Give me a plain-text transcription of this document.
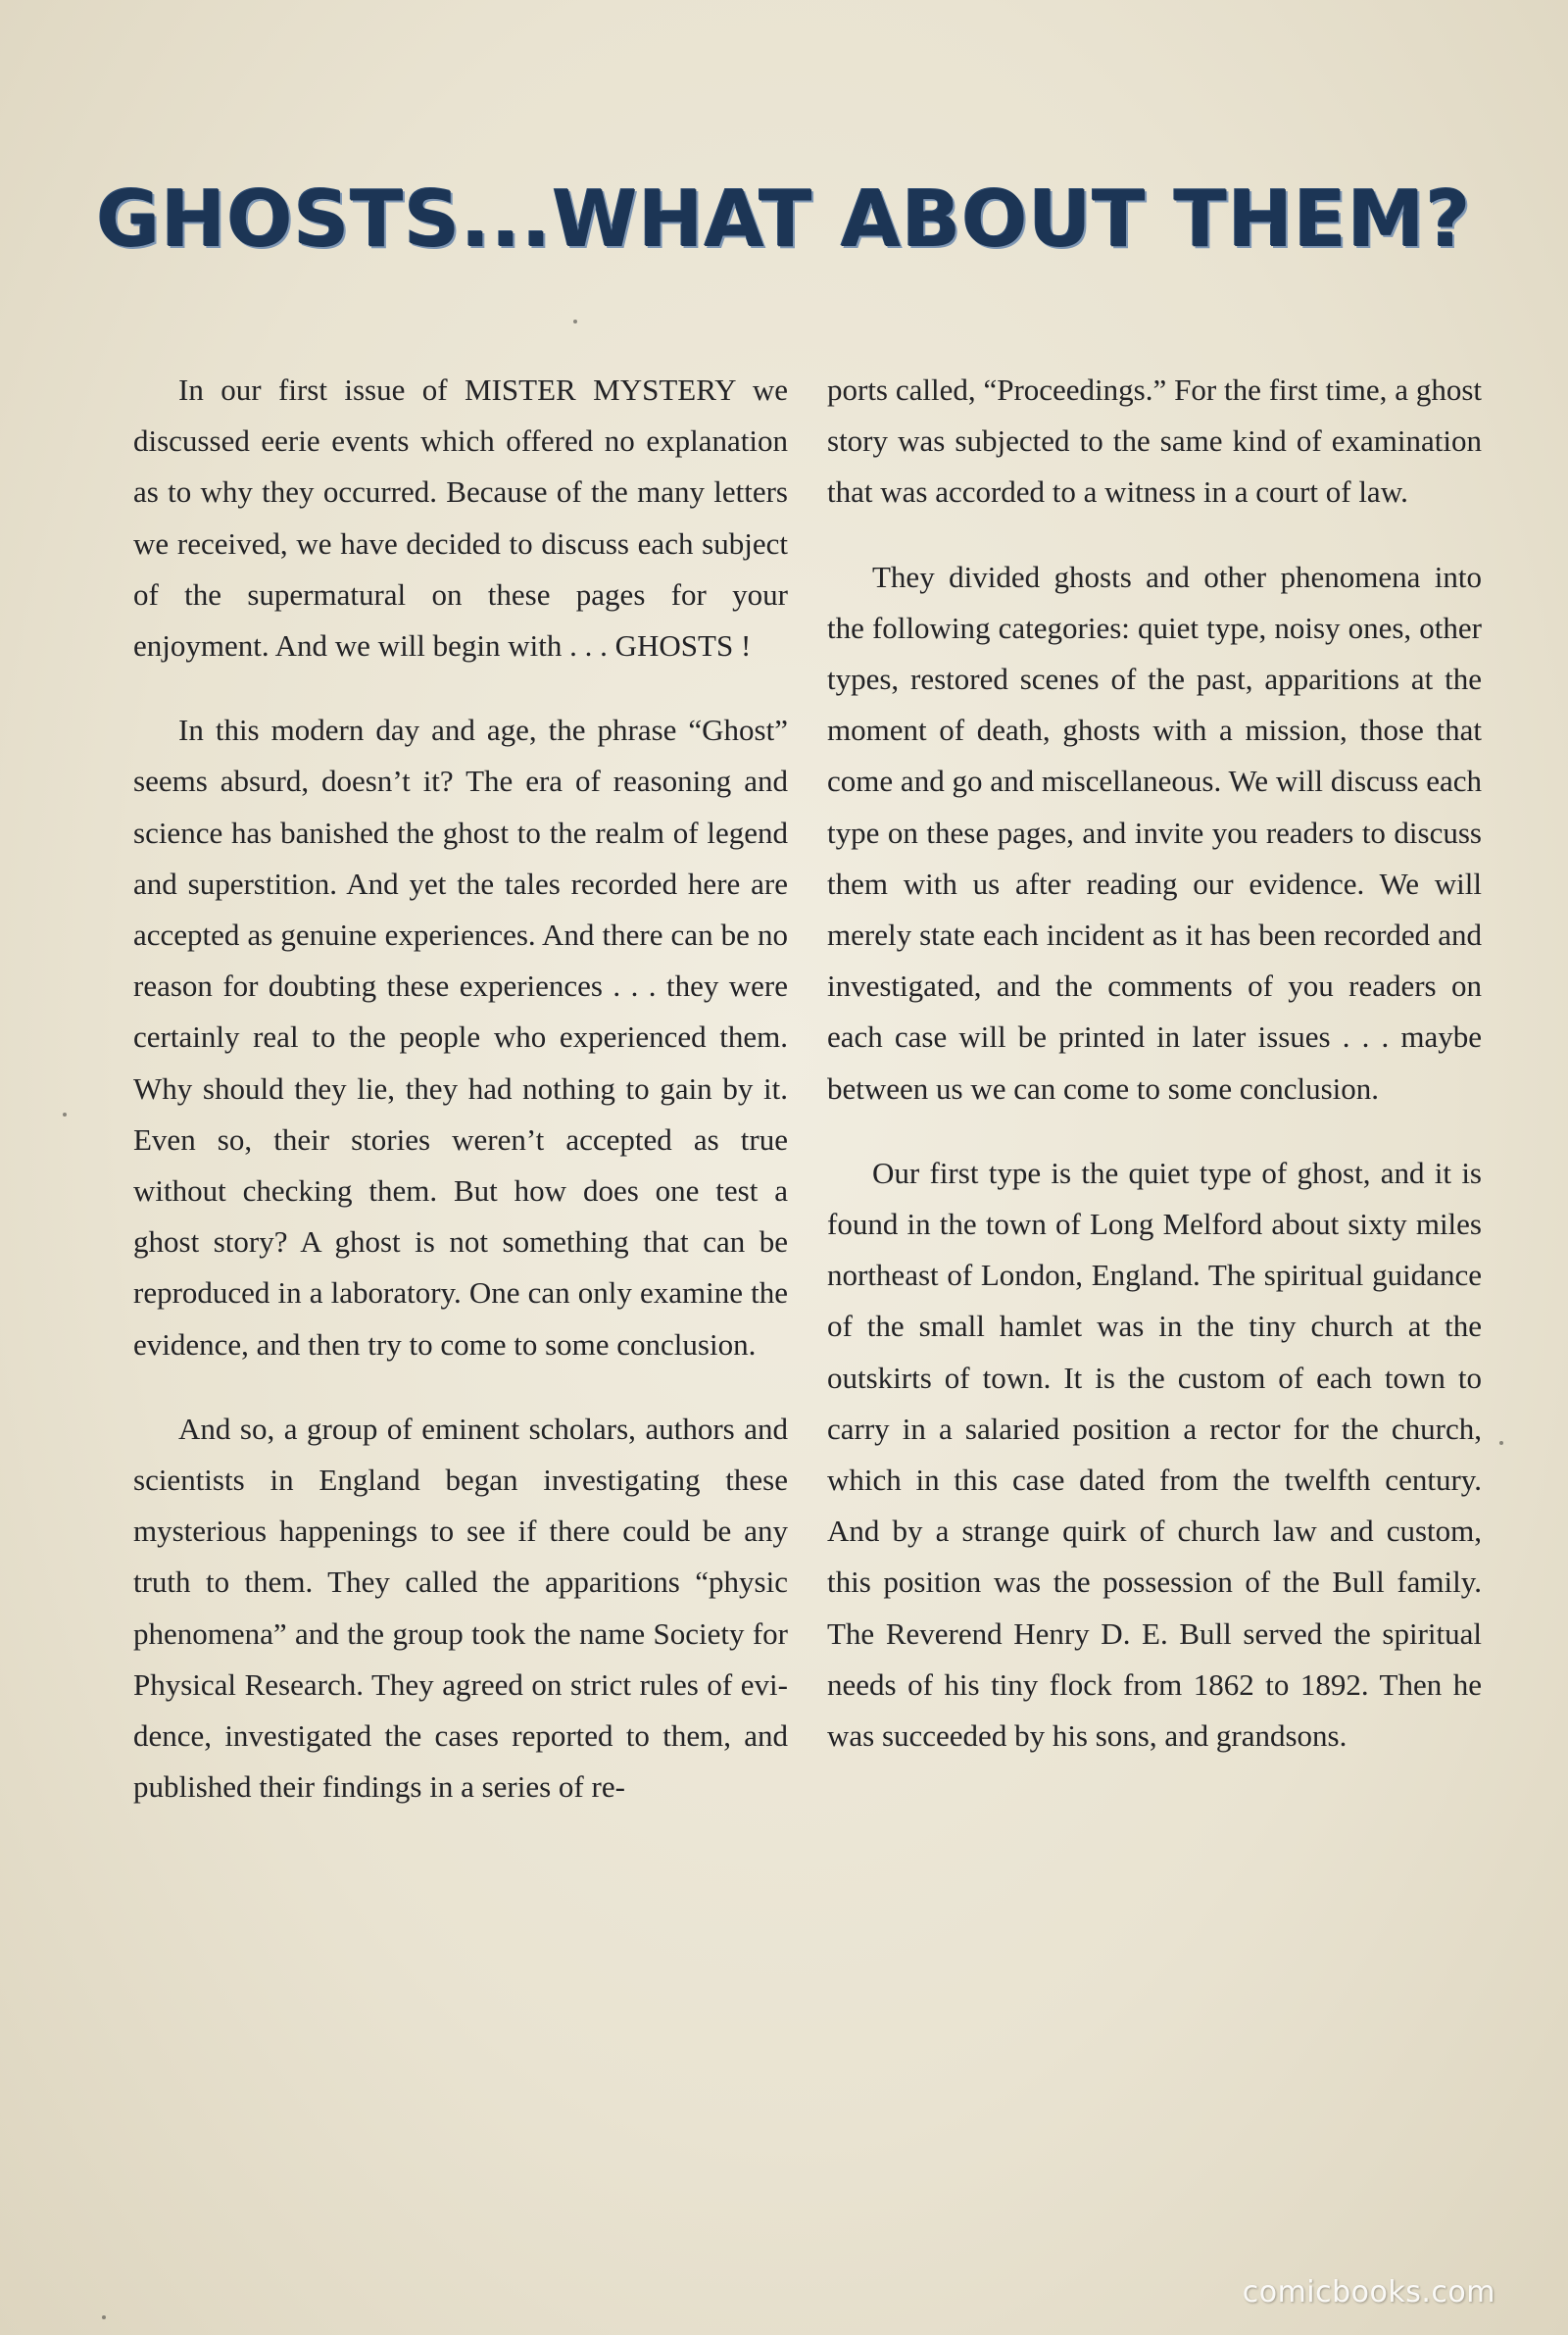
GHOSTS...WHAT ABOUT THEM?

In our first issue of MISTER MYSTERY we discussed eerie events which offered no explanation as to why they occurred. Because of the many letters we received, we have decided to discuss each subject of the supermatural on these pages for your enjoyment. And we will begin with . . . GHOSTS !

In this modern day and age, the phrase “Ghost” seems absurd, doesn’t it? The era of reasoning and science has banished the ghost to the realm of legend and superstition. And yet the tales recorded here are accepted as genuine experiences. And there can be no reason for doubting these experiences . . . they were certainly real to the people who experienced them. Why should they lie, they had nothing to gain by it. Even so, their stories weren’t accepted as true without checking them. But how does one test a ghost story? A ghost is not something that can be reproduced in a laboratory. One can only examine the evidence, and then try to come to some conclusion.

And so, a group of eminent scholars, authors and scientists in England began investigating these mysterious happenings to see if there could be any truth to them. They called the apparitions “physic phenomena” and the group took the name Society for Physical Research. They agreed on strict rules of evidence, investigated the cases reported to them, and published their findings in a series of re-

ports called, “Proceedings.” For the first time, a ghost story was subjected to the same kind of examination that was accorded to a witness in a court of law.

They divided ghosts and other phenomena into the following categories: quiet type, noisy ones, other types, restored scenes of the past, apparitions at the moment of death, ghosts with a mission, those that come and go and miscellaneous. We will discuss each type on these pages, and invite you readers to discuss them with us after reading our evidence. We will merely state each incident as it has been recorded and investigated, and the comments of you readers on each case will be printed in later issues . . . maybe between us we can come to some conclusion.

Our first type is the quiet type of ghost, and it is found in the town of Long Melford about sixty miles northeast of London, England. The spiritual guidance of the small hamlet was in the tiny church at the outskirts of town. It is the custom of each town to carry in a salaried position a rector for the church, which in this case dated from the twelfth century. And by a strange quirk of church law and custom, this position was the possession of the Bull family. The Reverend Henry D. E. Bull served the spiritual needs of his tiny flock from 1862 to 1892. Then he was succeeded by his sons, and grandsons.

comicbooks.com
